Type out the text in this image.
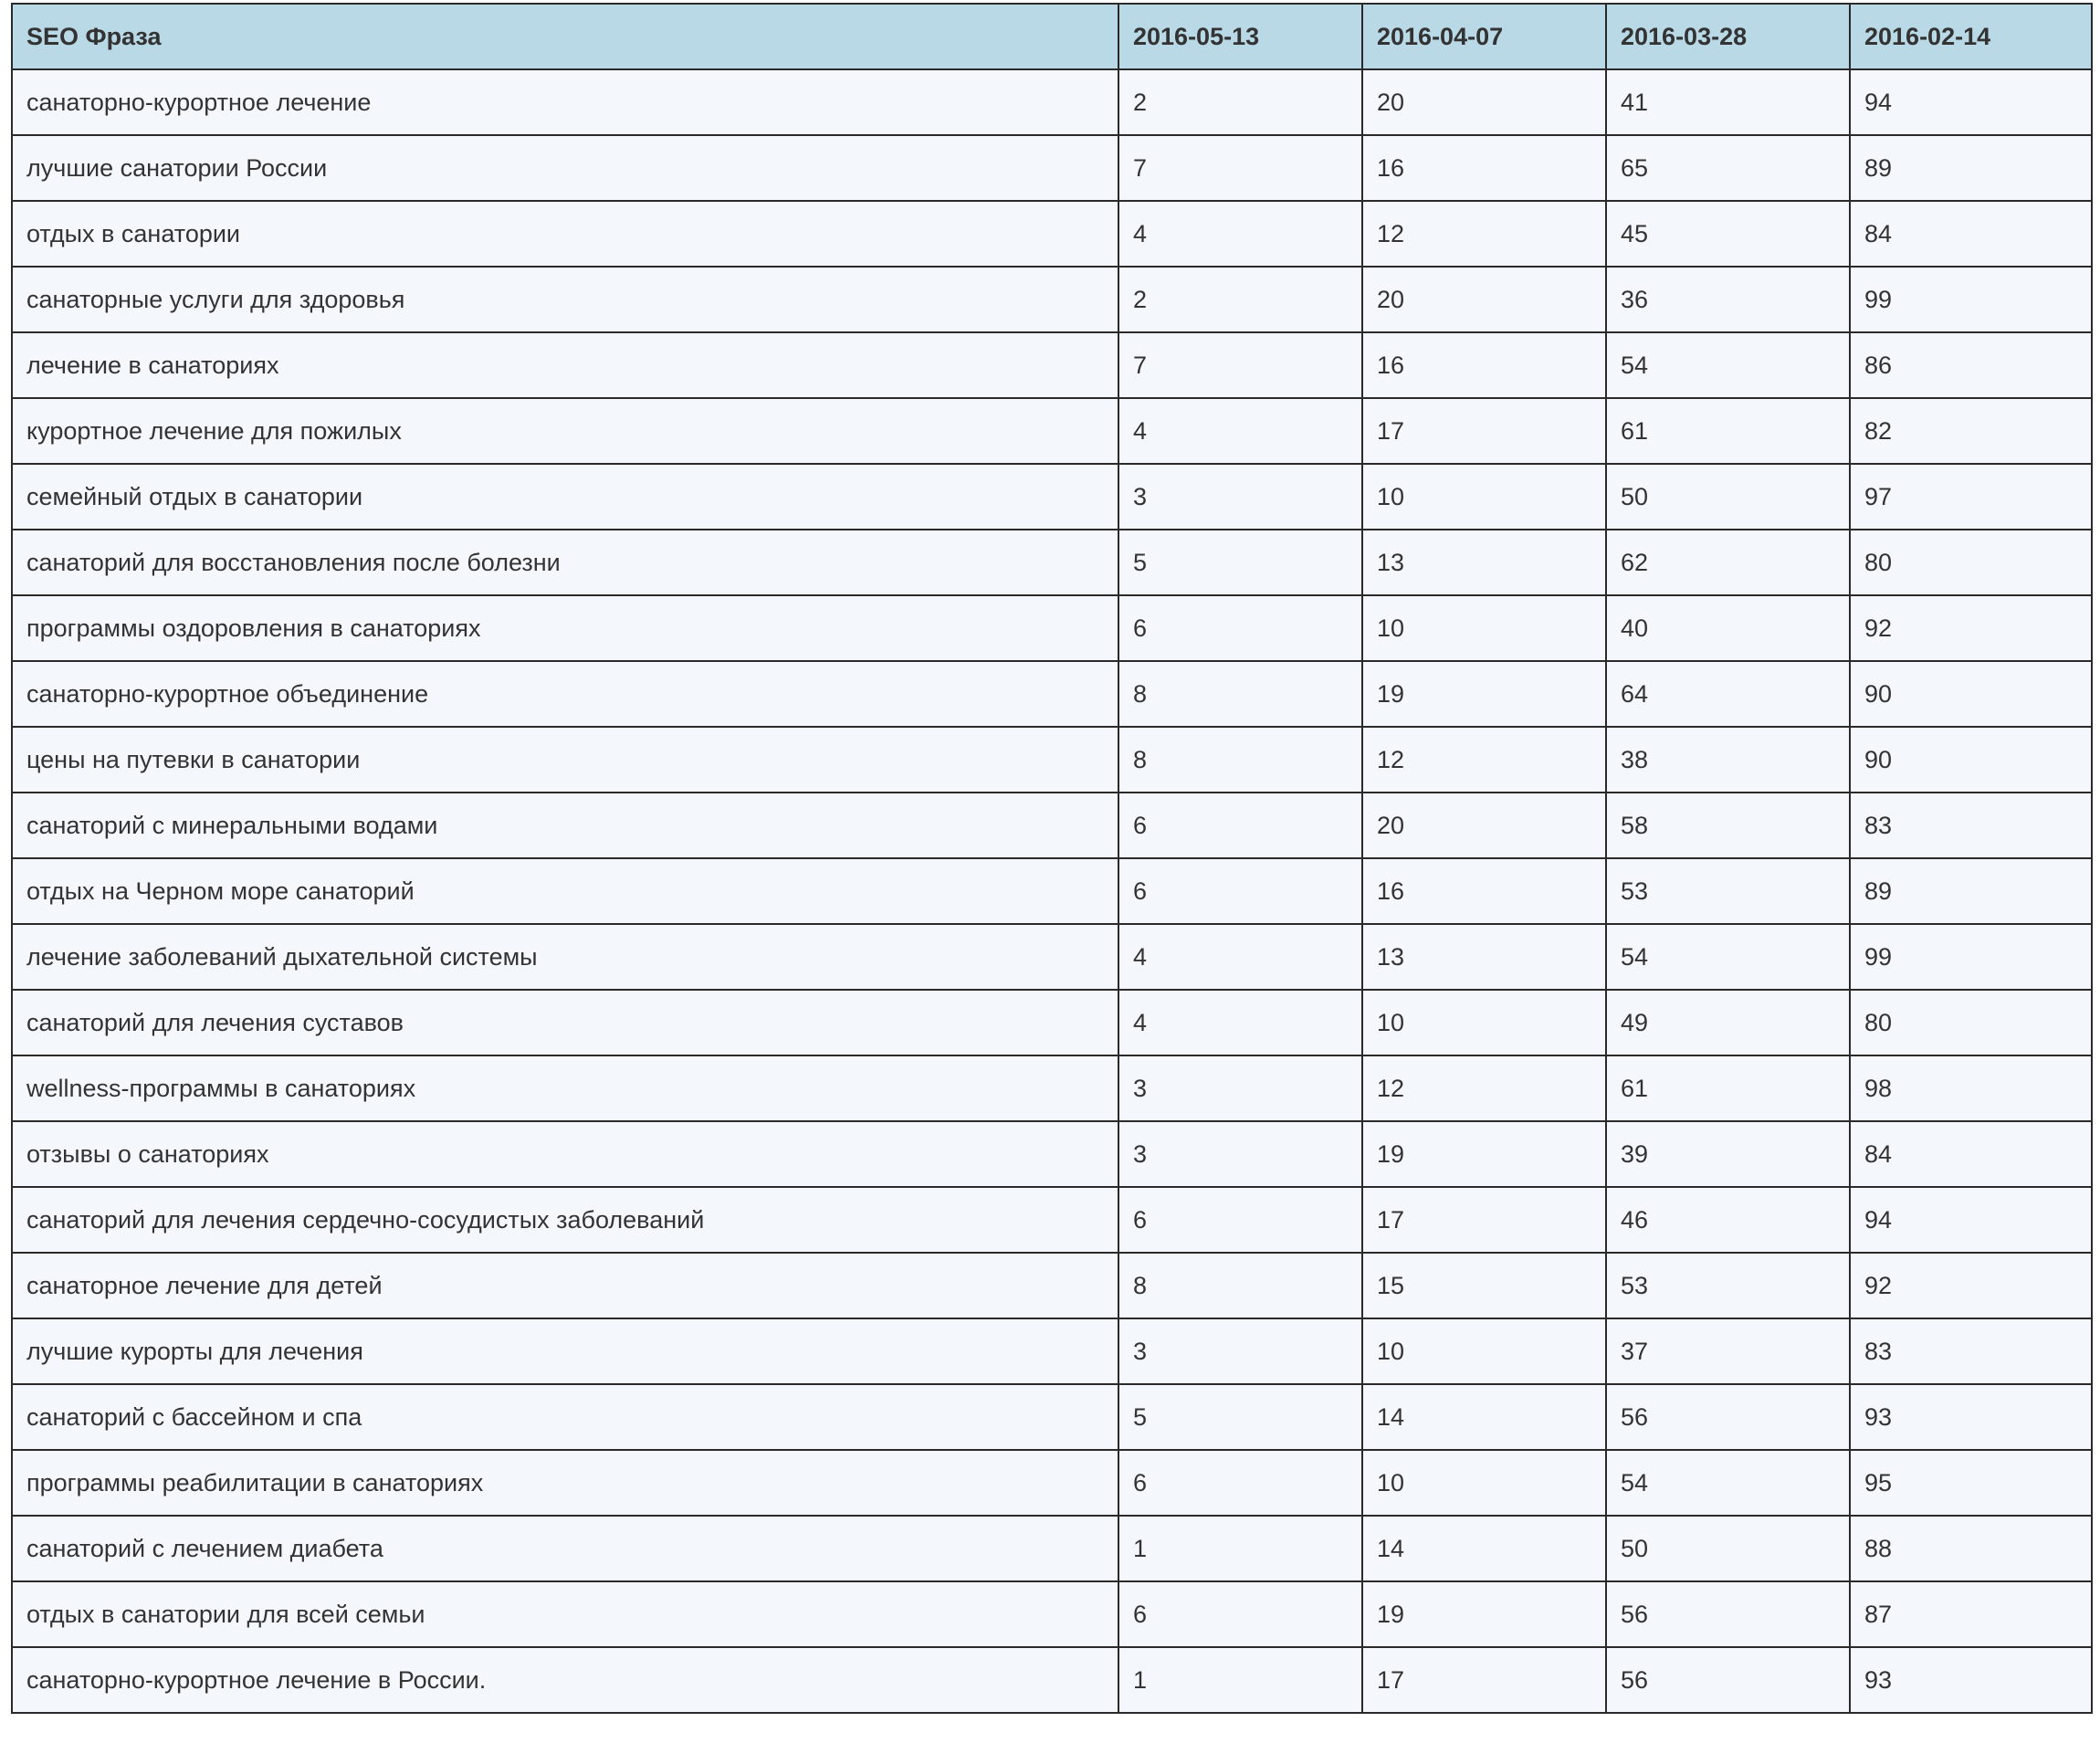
SEO Фраза	2016-05-13	2016-04-07	2016-03-28	2016-02-14
санаторно-курортное лечение	2	20	41	94
лучшие санатории России	7	16	65	89
отдых в санатории	4	12	45	84
санаторные услуги для здоровья	2	20	36	99
лечение в санаториях	7	16	54	86
курортное лечение для пожилых	4	17	61	82
семейный отдых в санатории	3	10	50	97
санаторий для восстановления после болезни	5	13	62	80
программы оздоровления в санаториях	6	10	40	92
санаторно-курортное объединение	8	19	64	90
цены на путевки в санатории	8	12	38	90
санаторий с минеральными водами	6	20	58	83
отдых на Черном море санаторий	6	16	53	89
лечение заболеваний дыхательной системы	4	13	54	99
санаторий для лечения суставов	4	10	49	80
wellness-программы в санаториях	3	12	61	98
отзывы о санаториях	3	19	39	84
санаторий для лечения сердечно-сосудистых заболеваний	6	17	46	94
санаторное лечение для детей	8	15	53	92
лучшие курорты для лечения	3	10	37	83
санаторий с бассейном и спа	5	14	56	93
программы реабилитации в санаториях	6	10	54	95
санаторий с лечением диабета	1	14	50	88
отдых в санатории для всей семьи	6	19	56	87
санаторно-курортное лечение в России.	1	17	56	93
